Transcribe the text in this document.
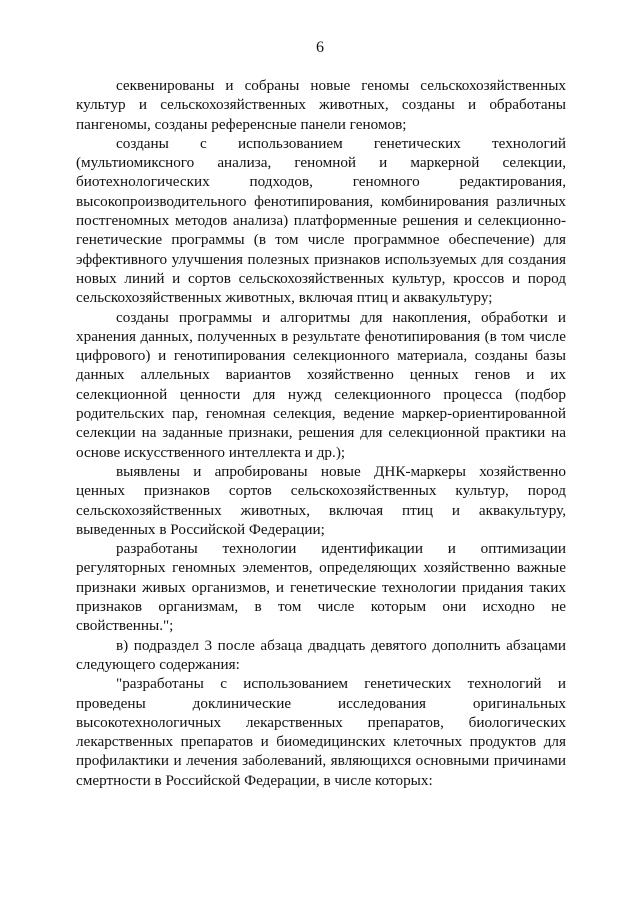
6

секвенированы и собраны новые геномы сельскохозяйственных культур и сельскохозяйственных животных, созданы и обработаны пангеномы, созданы референсные панели геномов;

созданы с использованием генетических технологий (мультиомиксного анализа, геномной и маркерной селекции, биотехнологических подходов, геномного редактирования, высокопроизводительного фенотипирования, комбинирования различных постгеномных методов анализа) платформенные решения и селекционно-генетические программы (в том числе программное обеспечение) для эффективного улучшения полезных признаков используемых для создания новых линий и сортов сельскохозяйственных культур, кроссов и пород сельскохозяйственных животных, включая птиц и аквакультуру;

созданы программы и алгоритмы для накопления, обработки и хранения данных, полученных в результате фенотипирования (в том числе цифрового) и генотипирования селекционного материала, созданы базы данных аллельных вариантов хозяйственно ценных генов и их селекционной ценности для нужд селекционного процесса (подбор родительских пар, геномная селекция, ведение маркер-ориентированной селекции на заданные признаки, решения для селекционной практики на основе искусственного интеллекта и др.);

выявлены и апробированы новые ДНК-маркеры хозяйственно ценных признаков сортов сельскохозяйственных культур, пород сельскохозяйственных животных, включая птиц и аквакультуру, выведенных в Российской Федерации;

разработаны технологии идентификации и оптимизации регуляторных геномных элементов, определяющих хозяйственно важные признаки живых организмов, и генетические технологии придания таких признаков организмам, в том числе которым они исходно не свойственны.";

в) подраздел 3 после абзаца двадцать девятого дополнить абзацами следующего содержания:

"разработаны с использованием генетических технологий и проведены доклинические исследования оригинальных высокотехнологичных лекарственных препаратов, биологических лекарственных препаратов и биомедицинских клеточных продуктов для профилактики и лечения заболеваний, являющихся основными причинами смертности в Российской Федерации, в числе которых:
